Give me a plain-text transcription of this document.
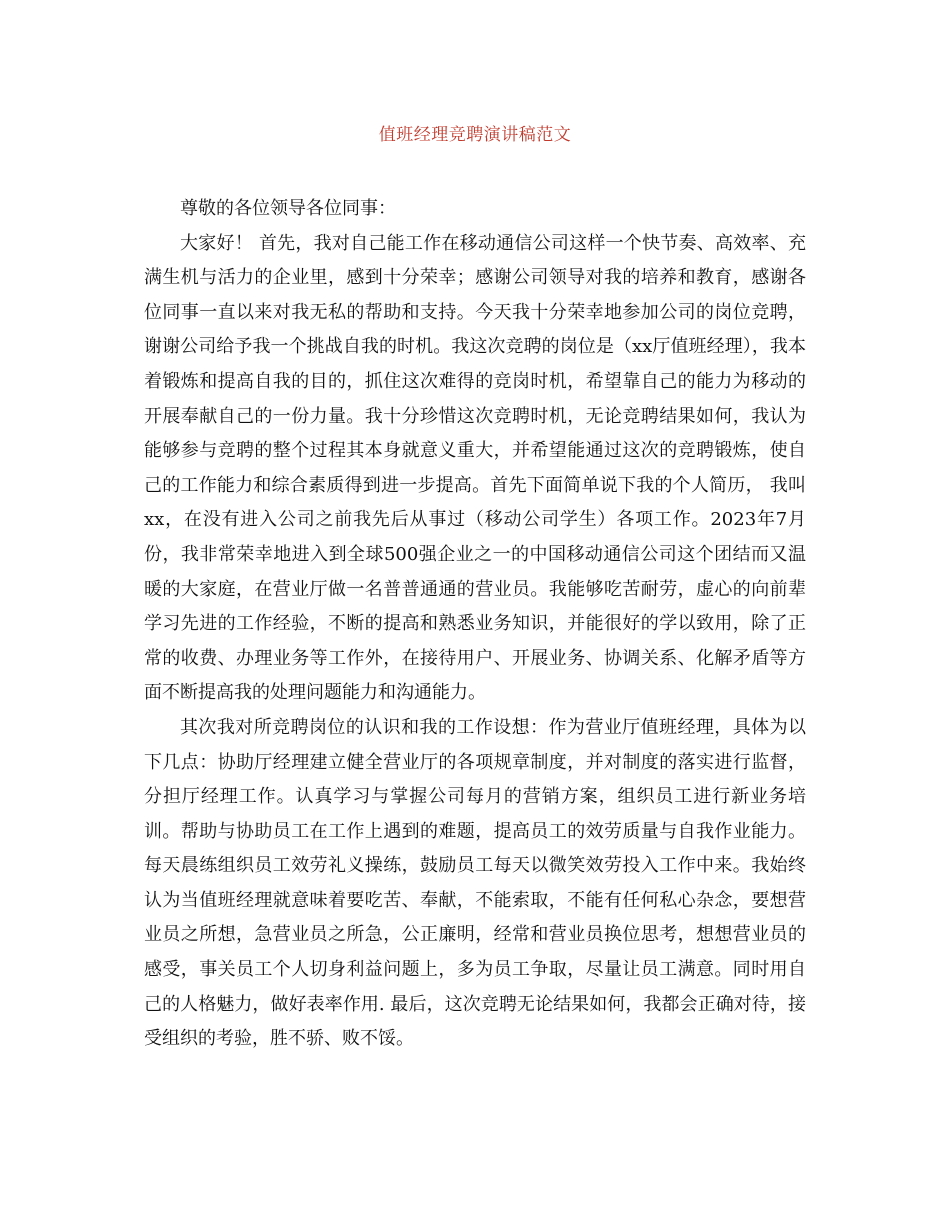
值班经理竞聘演讲稿范文

尊敬的各位领导各位同事：

大家好！ 首先，我对自己能工作在移动通信公司这样一个快节奏、高效率、充满生机与活力的企业里，感到十分荣幸；感谢公司领导对我的培养和教育，感谢各位同事一直以来对我无私的帮助和支持。今天我十分荣幸地参加公司的岗位竞聘，谢谢公司给予我一个挑战自我的时机。我这次竞聘的岗位是（xx厅值班经理），我本着锻炼和提高自我的目的，抓住这次难得的竞岗时机，希望靠自己的能力为移动的开展奉献自己的一份力量。我十分珍惜这次竞聘时机，无论竞聘结果如何，我认为能够参与竞聘的整个过程其本身就意义重大，并希望能通过这次的竞聘锻炼，使自己的工作能力和综合素质得到进一步提高。首先下面简单说下我的个人简历， 我叫xx，在没有进入公司之前我先后从事过（移动公司学生）各项工作。2023年7月份，我非常荣幸地进入到全球500强企业之一的中国移动通信公司这个团结而又温暖的大家庭，在营业厅做一名普普通通的营业员。我能够吃苦耐劳，虚心的向前辈学习先进的工作经验，不断的提高和熟悉业务知识，并能很好的学以致用，除了正常的收费、办理业务等工作外，在接待用户、开展业务、协调关系、化解矛盾等方面不断提高我的处理问题能力和沟通能力。

其次我对所竞聘岗位的认识和我的工作设想：作为营业厅值班经理，具体为以下几点：协助厅经理建立健全营业厅的各项规章制度，并对制度的落实进行监督，分担厅经理工作。认真学习与掌握公司每月的营销方案，组织员工进行新业务培训。帮助与协助员工在工作上遇到的难题，提高员工的效劳质量与自我作业能力。每天晨练组织员工效劳礼义操练，鼓励员工每天以微笑效劳投入工作中来。我始终认为当值班经理就意味着要吃苦、奉献，不能索取，不能有任何私心杂念，要想营业员之所想，急营业员之所急，公正廉明，经常和营业员换位思考，想想营业员的感受，事关员工个人切身利益问题上，多为员工争取，尽量让员工满意。同时用自己的人格魅力，做好表率作用. 最后，这次竞聘无论结果如何，我都会正确对待，接受组织的考验，胜不骄、败不馁。
